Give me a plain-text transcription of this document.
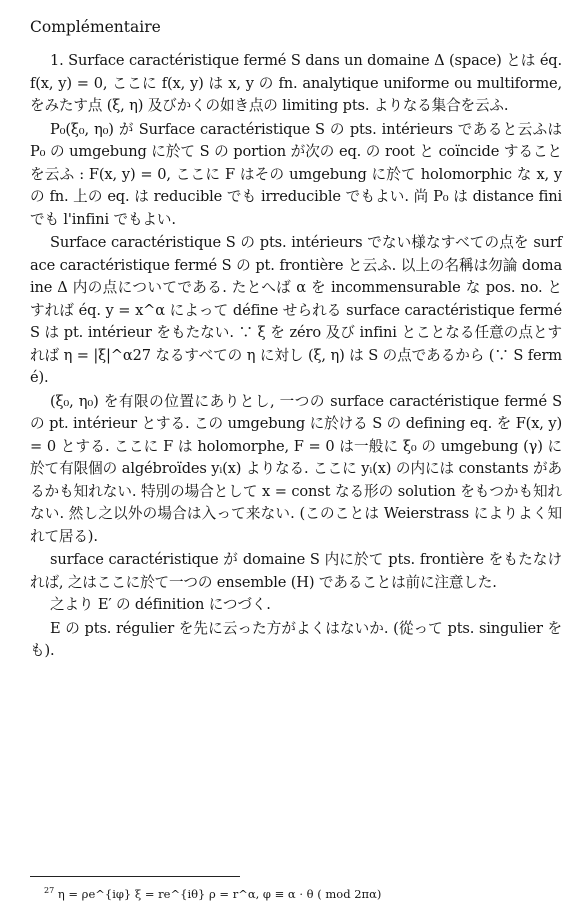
Complémentaire

1. Surface caractéristique fermé S dans un domaine Δ (space) とは éq. f(x, y) = 0, ここに f(x, y) は x, y の fn. analytique uniforme ou multiforme, をみたす点 (ξ, η) 及びかくの如き点の limiting pts. よりなる集合を云ふ.

P₀(ξ₀, η₀) が Surface caractéristique S の pts. intérieurs であると云ふは P₀ の umgebung に於て S の portion が次の eq. の root と coïncide することを云ふ : F(x, y) = 0, ここに F はその umgebung に於て holomorphic な x, y の fn. 上の eq. は reducible でも irreducible でもよい. 尚 P₀ は distance fini でも l'infini でもよい.

Surface caractéristique S の pts. intérieurs でない様なすべての点を surface caractéristique fermé S の pt. frontière と云ふ. 以上の名稱は勿論 domaine Δ 内の点についてである. たとへば α を incommensurable な pos. no. とすれば éq. y = x^α によって défine せられる surface caractéristique fermé S は pt. intérieur をもたない. ∵ ξ を zéro 及び infini とことなる任意の点とすれば η = |ξ|^α27 なるすべての η に対し (ξ, η) は S の点であるから (∵ S fermé).

(ξ₀, η₀) を有限の位置にありとし, 一つの surface caractéristique fermé S の pt. intérieur とする. この umgebung に於ける S の defining eq. を F(x, y) = 0 とする. ここに F は holomorphe, F = 0 は一般に ξ₀ の umgebung (γ) に於て有限個の algébroïdes yᵢ(x) よりなる. ここに yᵢ(x) の内には constants があるかも知れない. 特別の場合として x = const なる形の solution をもつかも知れない. 然し之以外の場合は入って来ない. (このことは Weierstrass によりよく知れて居る).

surface caractéristique が domaine S 内に於て pts. frontière をもたなければ, 之はここに於て一つの ensemble (H) であることは前に注意した.

之より E′ の définition につづく.

E の pts. régulier を先に云った方がよくはないか. (從って pts. singulier をも).

$^{27}$ η = ρe^{iφ} ξ = re^{iθ} ρ = r^α, φ ≡ α · θ ( mod 2πα)
